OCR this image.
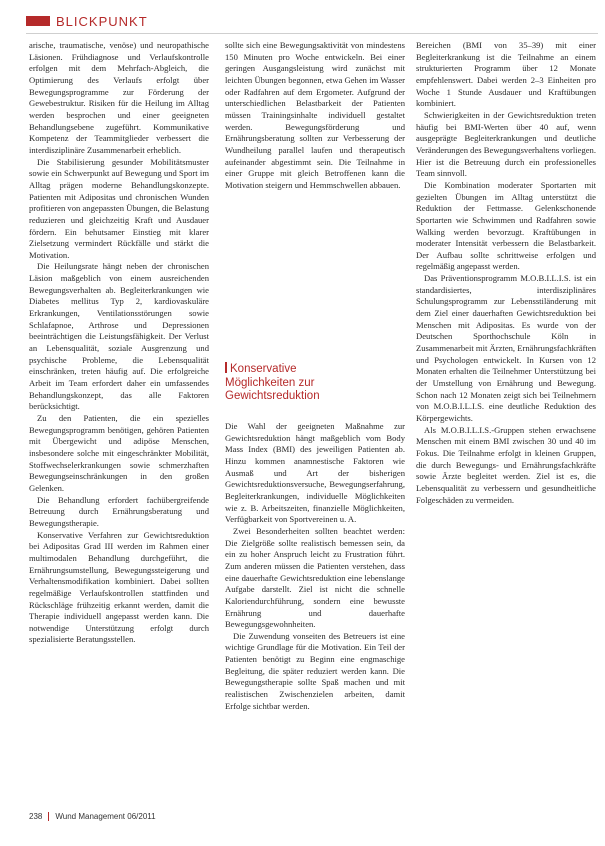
BLICKPUNKT

arische, traumatische, venöse) und neuropathische Läsionen. Frühdiagnose und Verlaufskontrolle erfolgen mit dem Mehrfach-Abgleich, die Optimierung des Verlaufs erfolgt über Bewegungsprogramme zur Förderung der Gewebestruktur. Risiken für die Heilung im Alltag werden besprochen und einer geeigneten Behandlungsebene zugeführt. Kommunikative Kompetenz der Teammitglieder verbessert die interdisziplinäre Zusammenarbeit erheblich.

Die Stabilisierung gesunder Mobilitätsmuster sowie ein Schwerpunkt auf Bewegung und Sport im Alltag prägen moderne Behandlungskonzepte. Patienten mit Adipositas und chronischen Wunden profitieren von angepassten Übungen, die Belastung reduzieren und gleichzeitig Kraft und Ausdauer fördern. Ein behutsamer Einstieg mit klarer Zielsetzung vermindert Rückfälle und stärkt die Motivation.

Die Heilungsrate hängt neben der chronischen Läsion maßgeblich von einem ausreichenden Bewegungsverhalten ab. Begleiterkrankungen wie Diabetes mellitus Typ 2, kardiovaskuläre Erkrankungen, Ventilationsstörungen sowie Schlafapnoe, Arthrose und Depressionen beeinträchtigen die Leistungsfähigkeit. Der Verlust an Lebensqualität, soziale Ausgrenzung und psychische Probleme, die Lebensqualität einschränken, treten häufig auf. Die erfolgreiche Arbeit im Team erfordert daher ein umfassendes Behandlungskonzept, das alle Faktoren berücksichtigt.

Zu den Patienten, die ein spezielles Bewegungsprogramm benötigen, gehören Patienten mit Übergewicht und adipöse Menschen, insbesondere solche mit eingeschränkter Mobilität, Stoffwechselerkrankungen sowie schmerzhaften Bewegungseinschränkungen in den großen Gelenken.

Die Behandlung erfordert fachübergreifende Betreuung durch Ernährungsberatung und Bewegungstherapie.

Konservative Verfahren zur Gewichtsreduktion bei Adipositas Grad III werden im Rahmen einer multimodalen Behandlung durchgeführt, die Ernährungsumstellung, Bewegungssteigerung und Verhaltensmodifikation kombiniert. Dabei sollten regelmäßige Verlaufskontrollen stattfinden und Rückschläge frühzeitig erkannt werden, damit die Therapie individuell angepasst werden kann. Die notwendige Unterstützung erfolgt durch spezialisierte Beratungsstellen.

sollte sich eine Bewegungsaktivität von mindestens 150 Minuten pro Woche entwickeln. Bei einer geringen Ausgangsleistung wird zunächst mit leichten Übungen begonnen, etwa Gehen im Wasser oder Radfahren auf dem Ergometer. Aufgrund der unterschiedlichen Belastbarkeit der Patienten müssen Trainingsinhalte individuell gestaltet werden. Bewegungsförderung und Ernährungsberatung sollten zur Verbesserung der Wundheilung parallel laufen und therapeutisch aufeinander abgestimmt sein. Die Teilnahme in einer Gruppe mit gleich Betroffenen kann die Motivation steigern und Hemmschwellen abbauen.

Konservative
Möglichkeiten zur
Gewichtsreduktion

Die Wahl der geeigneten Maßnahme zur Gewichtsreduktion hängt maßgeblich vom Body Mass Index (BMI) des jeweiligen Patienten ab. Hinzu kommen anamnestische Faktoren wie Ausmaß und Art der bisherigen Gewichtsreduktionsversuche, Bewegungserfahrung, Begleiterkrankungen, individuelle Möglichkeiten wie z. B. Arbeitszeiten, finanzielle Möglichkeiten, Verfügbarkeit von Sportvereinen u. A.

Zwei Besonderheiten sollten beachtet werden: Die Zielgröße sollte realistisch bemessen sein, da ein zu hoher Anspruch leicht zu Frustration führt. Zum anderen müssen die Patienten verstehen, dass eine dauerhafte Gewichtsreduktion eine lebenslange Aufgabe darstellt. Ziel ist nicht die schnelle Kaloriendurchführung, sondern eine bewusste Ernährung und dauerhafte Bewegungsgewohnheiten.

Die Zuwendung vonseiten des Betreuers ist eine wichtige Grundlage für die Motivation. Ein Teil der Patienten benötigt zu Beginn eine engmaschige Begleitung, die später reduziert werden kann. Die Bewegungstherapie sollte Spaß machen und mit realistischen Zwischenzielen arbeiten, damit Erfolge sichtbar werden.

Bereichen (BMI von 35–39) mit einer Begleiterkrankung ist die Teilnahme an einem strukturierten Programm über 12 Monate empfehlenswert. Dabei werden 2–3 Einheiten pro Woche 1 Stunde Ausdauer und Kraftübungen kombiniert.

Schwierigkeiten in der Gewichtsreduktion treten häufig bei BMI-Werten über 40 auf, wenn ausgeprägte Begleiterkrankungen und deutliche Veränderungen des Bewegungsverhaltens vorliegen. Hier ist die Betreuung durch ein professionelles Team sinnvoll.

Die Kombination moderater Sportarten mit gezielten Übungen im Alltag unterstützt die Reduktion der Fettmasse. Gelenkschonende Sportarten wie Schwimmen und Radfahren sowie Walking werden bevorzugt. Kraftübungen in moderater Intensität verbessern die Belastbarkeit. Der Aufbau sollte schrittweise erfolgen und regelmäßig angepasst werden.

Das Präventionsprogramm M.O.B.I.L.I.S. ist ein standardisiertes, interdisziplinäres Schulungsprogramm zur Lebensstiländerung mit dem Ziel einer dauerhaften Gewichtsreduktion bei Menschen mit Adipositas. Es wurde von der Deutschen Sporthochschule Köln in Zusammenarbeit mit Ärzten, Ernährungsfachkräften und Psychologen entwickelt. In Kursen von 12 Monaten erhalten die Teilnehmer Unterstützung bei der Umstellung von Ernährung und Bewegung. Schon nach 12 Monaten zeigt sich bei Teilnehmern von M.O.B.I.L.I.S. eine deutliche Reduktion des Körpergewichts.

Als M.O.B.I.L.I.S.-Gruppen stehen erwachsene Menschen mit einem BMI zwischen 30 und 40 im Fokus. Die Teilnahme erfolgt in kleinen Gruppen, die durch Bewegungs- und Ernährungsfachkräfte sowie Ärzte begleitet werden. Ziel ist es, die Lebensqualität zu verbessern und gesundheitliche Folgeschäden zu vermeiden.

238 Wund Management 06/2011
